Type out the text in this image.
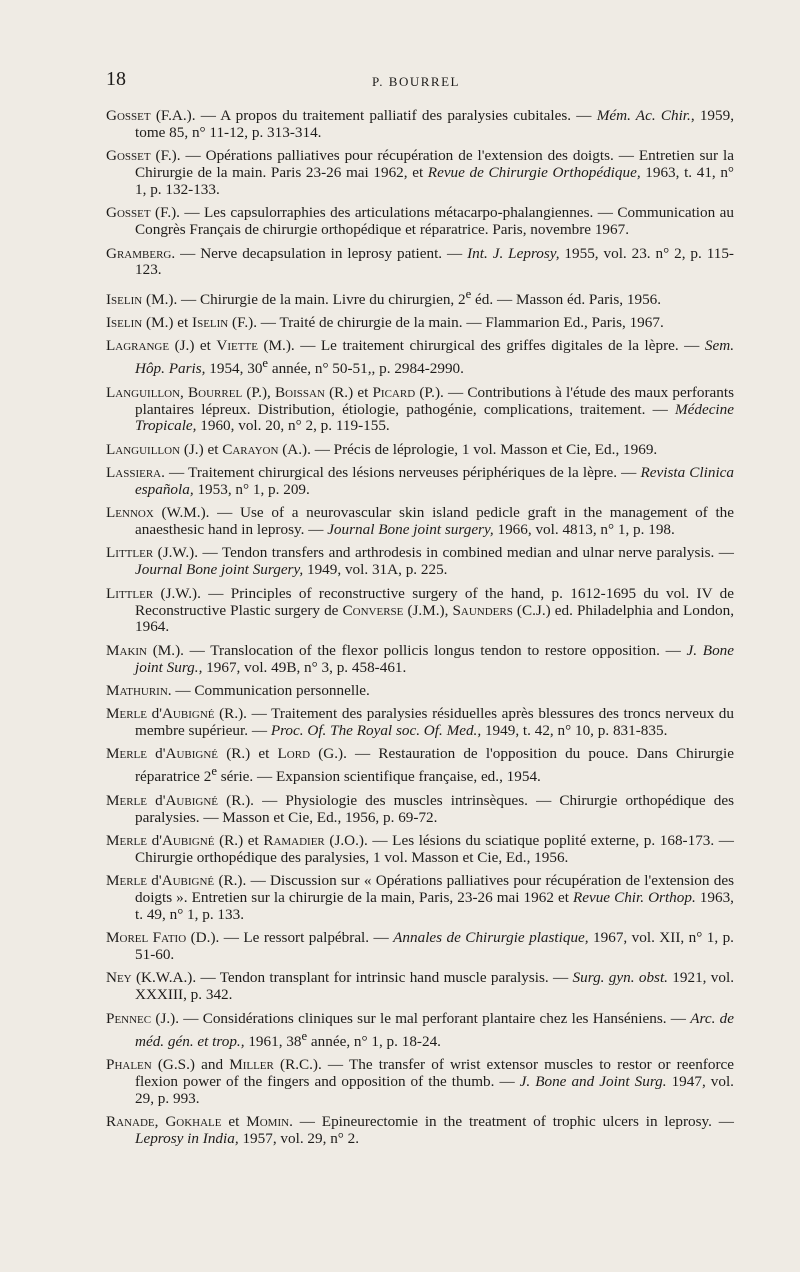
18	P. BOURREL

Gosset (F.A.). — A propos du traitement palliatif des paralysies cubitales. — Mém. Ac. Chir., 1959, tome 85, n° 11-12, p. 313-314.

Gosset (F.). — Opérations palliatives pour récupération de l'extension des doigts. — Entretien sur la Chirurgie de la main. Paris 23-26 mai 1962, et Revue de Chirurgie Orthopédique, 1963, t. 41, n° 1, p. 132-133.

Gosset (F.). — Les capsulorraphies des articulations métacarpo-phalangiennes. — Communication au Congrès Français de chirurgie orthopédique et réparatrice. Paris, novembre 1967.

Gramberg. — Nerve decapsulation in leprosy patient. — Int. J. Leprosy, 1955, vol. 23. n° 2, p. 115-123.

Iselin (M.). — Chirurgie de la main. Livre du chirurgien, 2e éd. — Masson éd. Paris, 1956.

Iselin (M.) et Iselin (F.). — Traité de chirurgie de la main. — Flammarion Ed., Paris, 1967.

Lagrange (J.) et Viette (M.). — Le traitement chirurgical des griffes digitales de la lèpre. — Sem. Hôp. Paris, 1954, 30e année, n° 50-51,, p. 2984-2990.

Languillon, Bourrel (P.), Boissan (R.) et Picard (P.). — Contributions à l'étude des maux perforants plantaires lépreux. Distribution, étiologie, pathogénie, complications, traitement. — Médecine Tropicale, 1960, vol. 20, n° 2, p. 119-155.

Languillon (J.) et Carayon (A.). — Précis de léprologie, 1 vol. Masson et Cie, Ed., 1969.

Lassiera. — Traitement chirurgical des lésions nerveuses périphériques de la lèpre. — Revista Clinica española, 1953, n° 1, p. 209.

Lennox (W.M.). — Use of a neurovascular skin island pedicle graft in the management of the anaesthesic hand in leprosy. — Journal Bone joint surgery, 1966, vol. 4813, n° 1, p. 198.

Littler (J.W.). — Tendon transfers and arthrodesis in combined median and ulnar nerve paralysis. — Journal Bone joint Surgery, 1949, vol. 31A, p. 225.

Littler (J.W.). — Principles of reconstructive surgery of the hand, p. 1612-1695 du vol. IV de Reconstructive Plastic surgery de Converse (J.M.), Saunders (C.J.) ed. Philadelphia and London, 1964.

Makin (M.). — Translocation of the flexor pollicis longus tendon to restore opposition. — J. Bone joint Surg., 1967, vol. 49B, n° 3, p. 458-461.

Mathurin. — Communication personnelle.

Merle d'Aubigné (R.). — Traitement des paralysies résiduelles après blessures des troncs nerveux du membre supérieur. — Proc. Of. The Royal soc. Of. Med., 1949, t. 42, n° 10, p. 831-835.

Merle d'Aubigné (R.) et Lord (G.). — Restauration de l'opposition du pouce. Dans Chirurgie réparatrice 2e série. — Expansion scientifique française, ed., 1954.

Merle d'Aubigné (R.). — Physiologie des muscles intrinsèques. — Chirurgie orthopédique des paralysies. — Masson et Cie, Ed., 1956, p. 69-72.

Merle d'Aubigné (R.) et Ramadier (J.O.). — Les lésions du sciatique poplité externe, p. 168-173. — Chirurgie orthopédique des paralysies, 1 vol. Masson et Cie, Ed., 1956.

Merle d'Aubigné (R.). — Discussion sur « Opérations palliatives pour récupération de l'extension des doigts ». Entretien sur la chirurgie de la main, Paris, 23-26 mai 1962 et Revue Chir. Orthop. 1963, t. 49, n° 1, p. 133.

Morel Fatio (D.). — Le ressort palpébral. — Annales de Chirurgie plastique, 1967, vol. XII, n° 1, p. 51-60.

Ney (K.W.A.). — Tendon transplant for intrinsic hand muscle paralysis. — Surg. gyn. obst. 1921, vol. XXXIII, p. 342.

Pennec (J.). — Considérations cliniques sur le mal perforant plantaire chez les Hanséniens. — Arc. de méd. gén. et trop., 1961, 38e année, n° 1, p. 18-24.

Phalen (G.S.) and Miller (R.C.). — The transfer of wrist extensor muscles to restor or reenforce flexion power of the fingers and opposition of the thumb. — J. Bone and Joint Surg. 1947, vol. 29, p. 993.

Ranade, Gokhale et Momin. — Epineurectomie in the treatment of trophic ulcers in leprosy. — Leprosy in India, 1957, vol. 29, n° 2.
